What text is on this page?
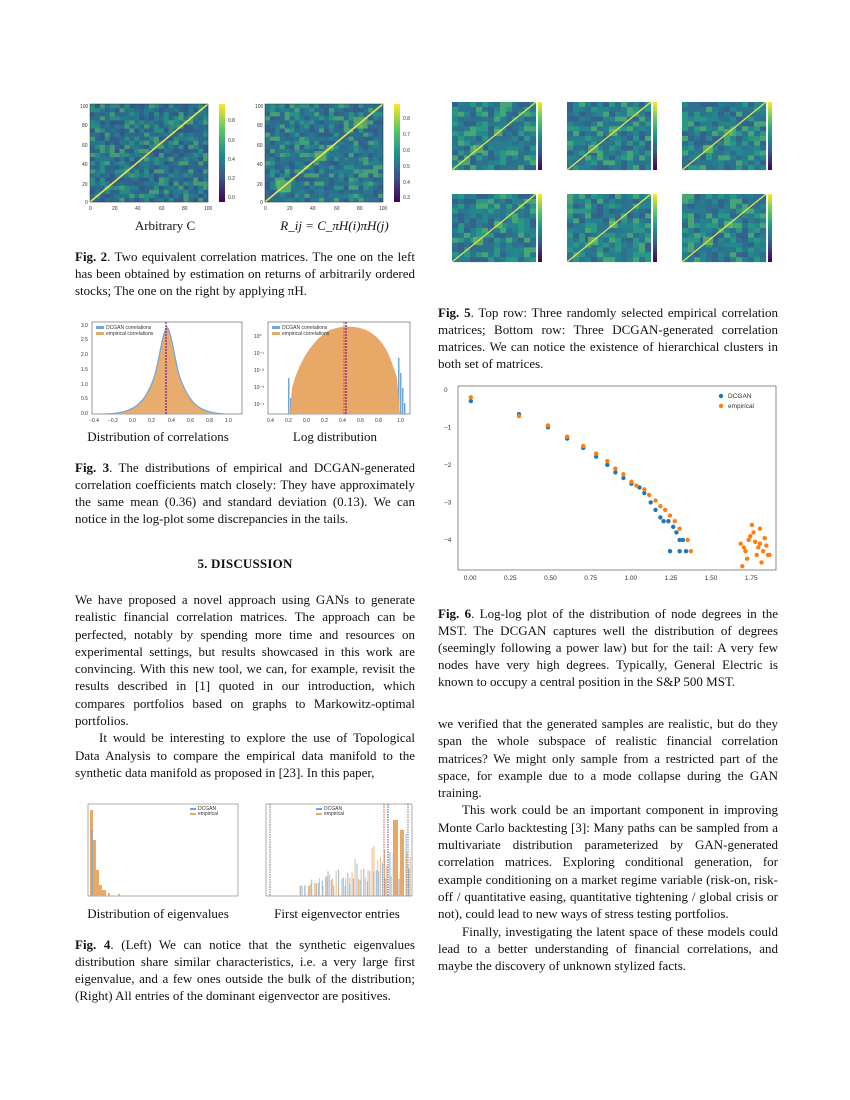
100
80
60
40
20
0
0	20	40	60	80	100
0.8
0.6
0.4
0.2
0.0
100
80
60
40
20
0
0	20	40	60	80	100
0.8
0.7
0.6
0.5
0.4
0.3
Arbitrary C	R_ij = C_πH(i)πH(j)
Fig. 2. Two equivalent correlation matrices. The one on the left has been obtained by estimation on returns of arbitrarily ordered stocks; The one on the right by applying πH.
DCGAN correlations
empirical correlations
3.0
2.5
2.0
1.5
1.0
0.5
0.0
−0.4 −0.2 0.0 0.2	0.4 0.6 0.8 1.0
DCGAN correlations
empirical correlations
10⁰
10⁻¹
10⁻²
10⁻³
10⁻⁴
0.4 0.2 0.0 0.2 0.4 0.6 0.8	1.0
Distribution of correlations	Log distribution
Fig. 3. The distributions of empirical and DCGAN-generated correlation coefficients match closely: They have approximately the same mean (0.36) and standard deviation (0.13). We can notice in the log-plot some discrepancies in the tails.
5. DISCUSSION

We have proposed a novel approach using GANs to generate realistic financial correlation matrices. The approach can be perfected, notably by spending more time and resources on experimental settings, but results showcased in this work are convincing. With this new tool, we can, for example, revisit the results described in [1] quoted in our introduction, which compares portfolios based on graphs to Markowitz-optimal portfolios.

It would be interesting to explore the use of Topological Data Analysis to compare the empirical data manifold to the synthetic data manifold as proposed in [23]. In this paper,

DCGAN
empirical
DCGAN
empirical
Distribution of eigenvalues	First eigenvector entries
Fig. 4. (Left) We can notice that the synthetic eigenvalues distribution share similar characteristics, i.e. a very large first eigenvalue, and a few ones outside the bulk of the distribution; (Right) All entries of the dominant eigenvector are positives.
Fig. 5. Top row: Three randomly selected empirical correlation matrices; Bottom row: Three DCGAN-generated correlation matrices. We can notice the existence of hierarchical clusters in both set of matrices.
0.00	0.25	0.50	0.75	1.00	1.25	1.50	1.75
0
−1
−2
−3
−4
DCGAN
empirical
Fig. 6. Log-log plot of the distribution of node degrees in the MST. The DCGAN captures well the distribution of degrees (seemingly following a power law) but for the tail: A very few nodes have very high degrees. Typically, General Electric is known to occupy a central position in the S&P 500 MST.

we verified that the generated samples are realistic, but do they span the whole subspace of realistic financial correlation matrices? We might only sample from a restricted part of the space, for example due to a mode collapse during the GAN training.

This work could be an important component in improving Monte Carlo backtesting [3]: Many paths can be sampled from a multivariate distribution parameterized by GAN-generated correlation matrices. Exploring conditional generation, for example conditioning on a market regime variable (risk-on, risk-off / quantitative easing, quantitative tightening / global crisis or not), could lead to new ways of stress testing portfolios.

Finally, investigating the latent space of these models could lead to a better understanding of financial correlations, and maybe the discovery of unknown stylized facts.
